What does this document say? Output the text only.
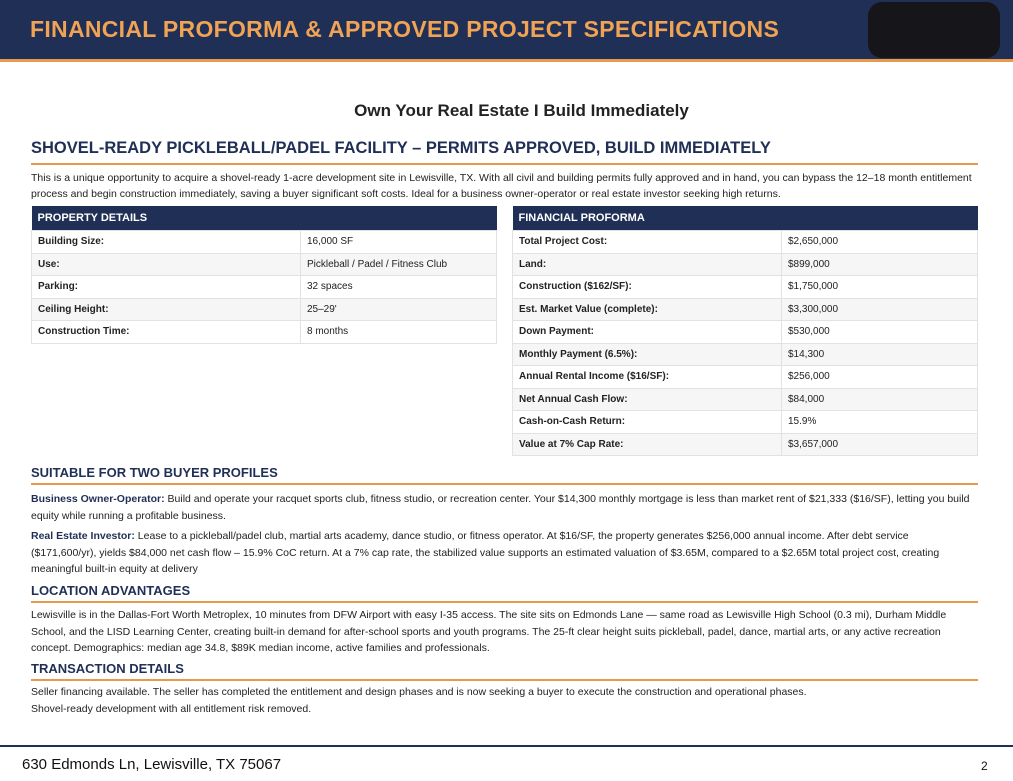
FINANCIAL PROFORMA & APPROVED PROJECT SPECIFICATIONS
Own Your Real Estate I Build Immediately
SHOVEL-READY PICKLEBALL/PADEL FACILITY – PERMITS APPROVED, BUILD IMMEDIATELY
This is a unique opportunity to acquire a shovel-ready 1-acre development site in Lewisville, TX. With all civil and building permits fully approved and in hand, you can bypass the 12–18 month entitlement process and begin construction immediately, saving a buyer significant soft costs. Ideal for a business owner-operator or real estate investor seeking high returns.
PROPERTY DETAILS	
Building Size:	16,000 SF
Use:	Pickleball / Padel / Fitness Club
Parking:	32 spaces
Ceiling Height:	25–29'
Construction Time:	8 months
FINANCIAL PROFORMA	
Total Project Cost:	$2,650,000
Land:	$899,000
Construction ($162/SF):	$1,750,000
Est. Market Value (complete):	$3,300,000
Down Payment:	$530,000
Monthly Payment (6.5%):	$14,300
Annual Rental Income ($16/SF):	$256,000
Net Annual Cash Flow:	$84,000
Cash-on-Cash Return:	15.9%
Value at 7% Cap Rate:	$3,657,000
SUITABLE FOR TWO BUYER PROFILES
Business Owner-Operator: Build and operate your racquet sports club, fitness studio, or recreation center. Your $14,300 monthly mortgage is less than market rent of $21,333 ($16/SF), letting you build equity while running a profitable business.
Real Estate Investor: Lease to a pickleball/padel club, martial arts academy, dance studio, or fitness operator. At $16/SF, the property generates $256,000 annual income. After debt service ($171,600/yr), yields $84,000 net cash flow – 15.9% CoC return. At a 7% cap rate, the stabilized value supports an estimated valuation of $3.65M, compared to a $2.65M total project cost, creating meaningful built-in equity at delivery
LOCATION ADVANTAGES
Lewisville is in the Dallas-Fort Worth Metroplex, 10 minutes from DFW Airport with easy I-35 access. The site sits on Edmonds Lane — same road as Lewisville High School (0.3 mi), Durham Middle School, and the LISD Learning Center, creating built-in demand for after-school sports and youth programs. The 25-ft clear height suits pickleball, padel, dance, martial arts, or any active recreation concept. Demographics: median age 34.8, $89K median income, active families and professionals.
TRANSACTION DETAILS
Seller financing available. The seller has completed the entitlement and design phases and is now seeking a buyer to execute the construction and operational phases.
Shovel-ready development with all entitlement risk removed.
630 Edmonds Ln, Lewisville, TX 75067	2
